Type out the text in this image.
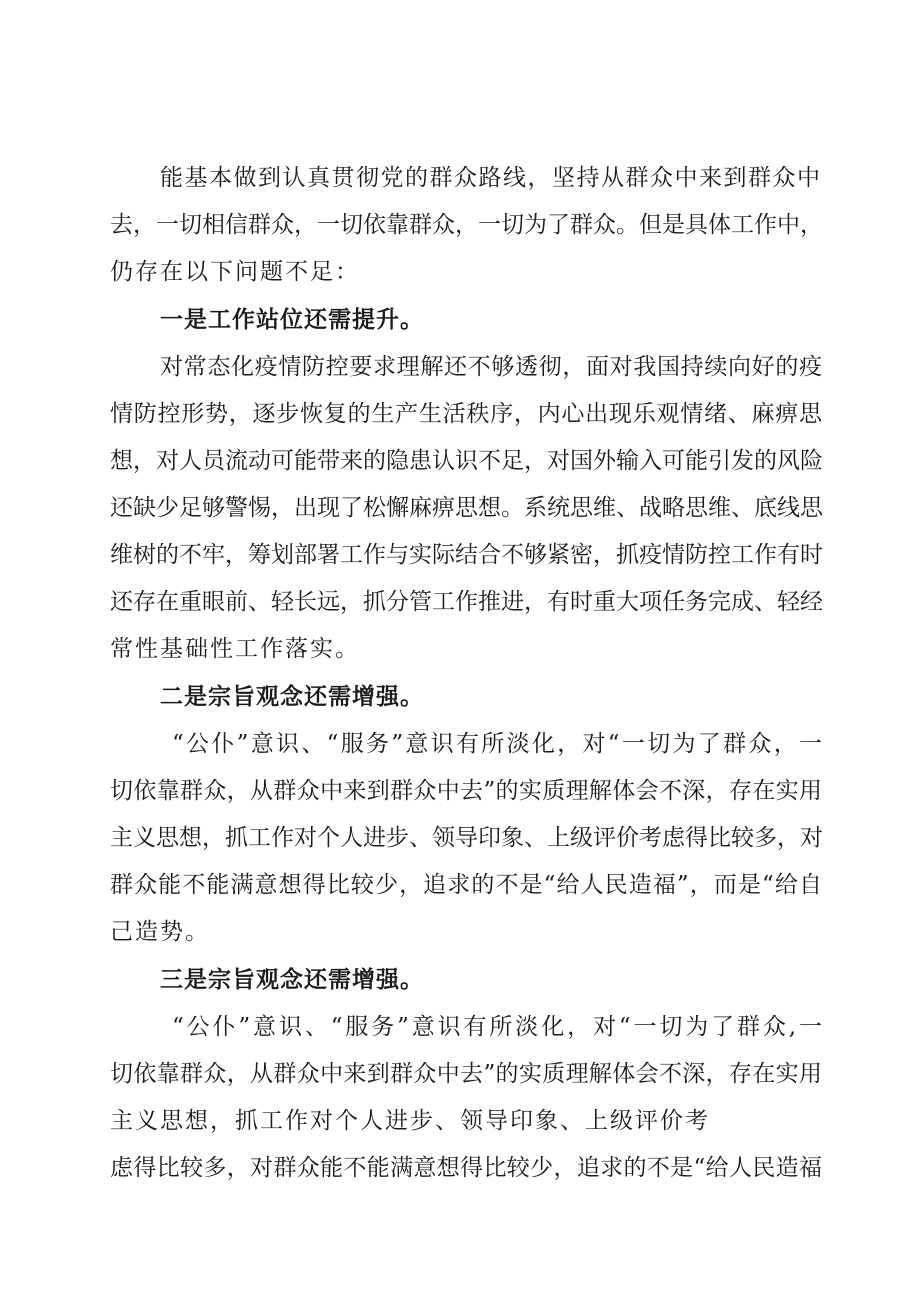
能基本做到认真贯彻党的群众路线，坚持从群众中来到群众中
去，一切相信群众，一切依靠群众，一切为了群众。但是具体工作中，
仍存在以下问题不足：
一是工作站位还需提升。
对常态化疫情防控要求理解还不够透彻，面对我国持续向好的疫
情防控形势，逐步恢复的生产生活秩序，内心出现乐观情绪、麻痹思
想，对人员流动可能带来的隐患认识不足，对国外输入可能引发的风险
还缺少足够警惕，出现了松懈麻痹思想。系统思维、战略思维、底线思
维树的不牢，筹划部署工作与实际结合不够紧密，抓疫情防控工作有时
还存在重眼前、轻长远，抓分管工作推进，有时重大项任务完成、轻经
常性基础性工作落实。
二是宗旨观念还需增强。
“公仆”意识、“服务”意识有所淡化，对“一切为了群众，一
切依靠群众，从群众中来到群众中去”的实质理解体会不深，存在实用
主义思想，抓工作对个人进步、领导印象、上级评价考虑得比较多，对
群众能不能满意想得比较少，追求的不是“给人民造福”，而是“给自
己造势。
三是宗旨观念还需增强。
“公仆”意识、“服务”意识有所淡化，对“一切为了群众,一
切依靠群众，从群众中来到群众中去”的实质理解体会不深，存在实用
主义思想，抓工作对个人进步、领导印象、上级评价考
虑得比较多，对群众能不能满意想得比较少，追求的不是“给人民造福
